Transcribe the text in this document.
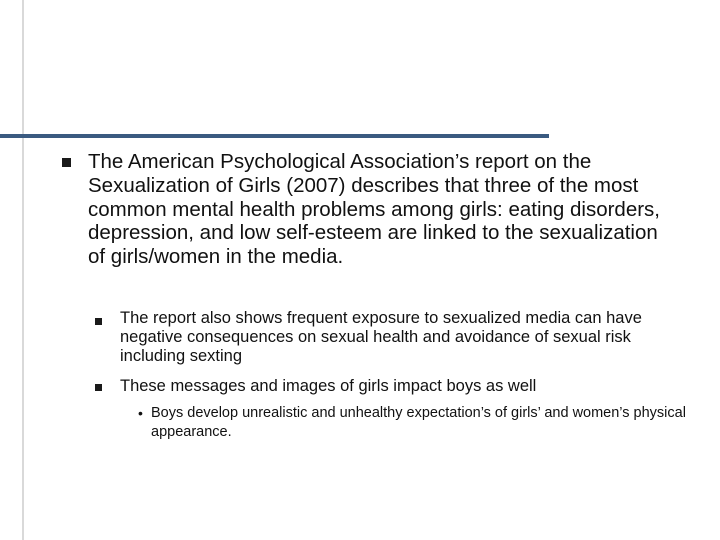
The American Psychological Association’s report on the Sexualization of Girls (2007) describes that three of the most common mental health problems among girls: eating disorders, depression, and low self-esteem are linked to the sexualization of girls/women in the media.
The report also shows frequent exposure to sexualized media can have negative consequences on sexual health and avoidance of sexual risk including sexting
These messages and images of girls impact boys as well
• Boys develop unrealistic and unhealthy expectation’s of girls’ and women’s physical appearance.
